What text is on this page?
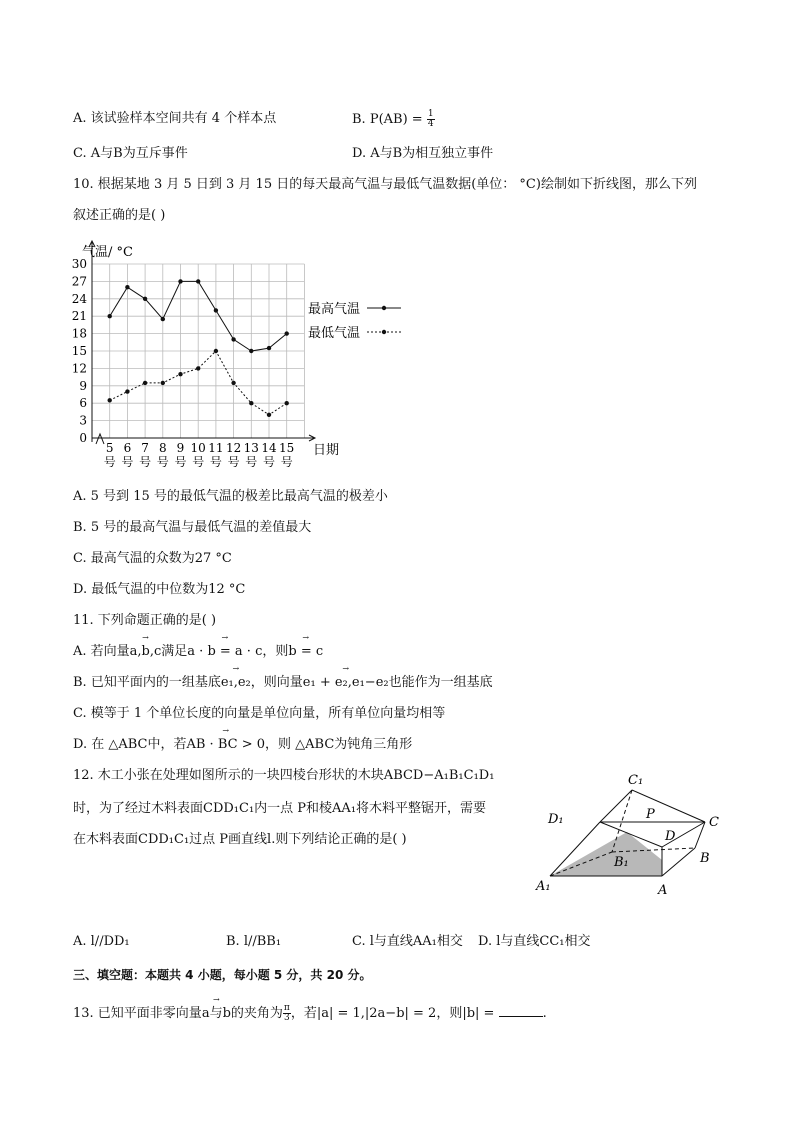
A. 该试验样本空间共有 4 个样本点	B. $P(AB) = \frac{1}{4}$
C. A与B为互斥事件	D. A与B为相互独立事件
10. 根据某地 3 月 5 日到 3 月 15 日的每天最高气温与最低气温数据(单位： °C)绘制如下折线图，那么下列
叙述正确的是( )
30
27
24
21
18
15
12
9
6
3
0
5
号
6
号
7
号
8
号
9
号
10
号
11
号
12
号
13
号
14
号
15
号
最高气温
最低气温
气温/ °C
日期
A. 5 号到 15 号的最低气温的极差比最高气温的极差小
B. 5 号的最高气温与最低气温的差值最大
C. 最高气温的众数为27 °C
D. 最低气温的中位数为12 °C
11. 下列命题正确的是( )
A. 若向量→ a,b,c满足→ a · b = a · c，则→ b = c
B. 已知平面内的一组基底→ e₁,e₂，则向量→ e₁ + e₂,e₁−e₂也能作为一组基底
C. 模等于 1 个单位长度的向量是单位向量，所有单位向量均相等
D. 在 △ABC中，若→ AB · BC > 0，则 △ABC为钝角三角形
12. 木工小张在处理如图所示的一块四棱台形状的木块ABCD−A₁B₁C₁D₁
时，为了经过木料表面CDD₁C₁内一点 P和棱AA₁将木料平整锯开，需要
在木料表面CDD₁C₁过点 P画直线l.则下列结论正确的是( )
C₁
D₁	P
D
C
B
B₁
A₁	A
A. l//DD₁	B. l//BB₁	C. l与直线AA₁相交 D. l与直线CC₁相交
三、填空题：本题共 4 小题，每小题 5 分，共 20 分。
13. 已知平面非零向量→ a与b的夹角为 $\frac{\pi}{3}$ ，若|a| = 1,|2a−b| = 2，则|b| =	.
